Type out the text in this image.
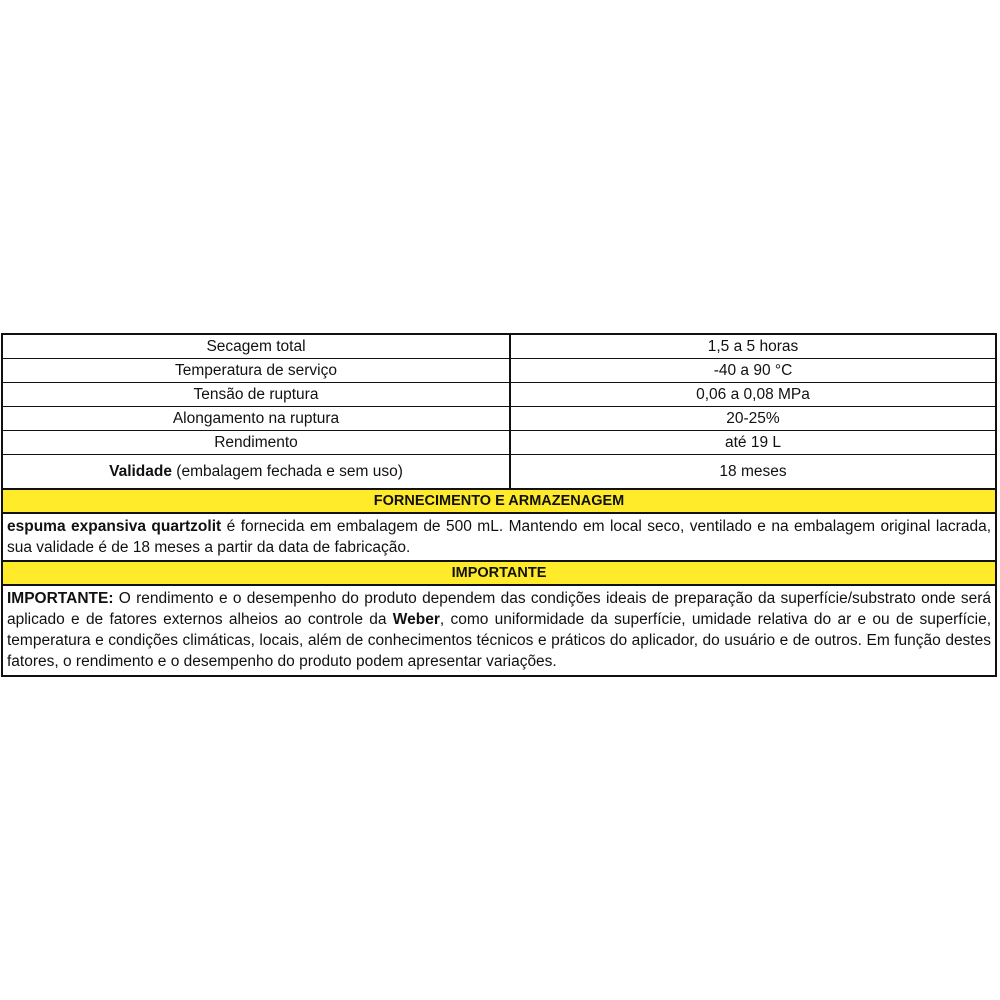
Secagem total	1,5 a 5 horas
Temperatura de serviço	-40 a 90 °C
Tensão de ruptura	0,06 a 0,08 MPa
Alongamento na ruptura	20-25%
Rendimento	até 19 L
Validade (embalagem fechada e sem uso)	18 meses
FORNECIMENTO E ARMAZENAGEM
espuma expansiva quartzolit é fornecida em embalagem de 500 mL. Mantendo em local seco, ventilado e na embalagem original lacrada, sua validade é de 18 meses a partir da data de fabricação.
IMPORTANTE
IMPORTANTE: O rendimento e o desempenho do produto dependem das condições ideais de preparação da superfície/substrato onde será aplicado e de fatores externos alheios ao controle da Weber, como uniformidade da superfície, umidade relativa do ar e ou de superfície, temperatura e condições climáticas, locais, além de conhecimentos técnicos e práticos do aplicador, do usuário e de outros. Em função destes fatores, o rendimento e o desempenho do produto podem apresentar variações.
